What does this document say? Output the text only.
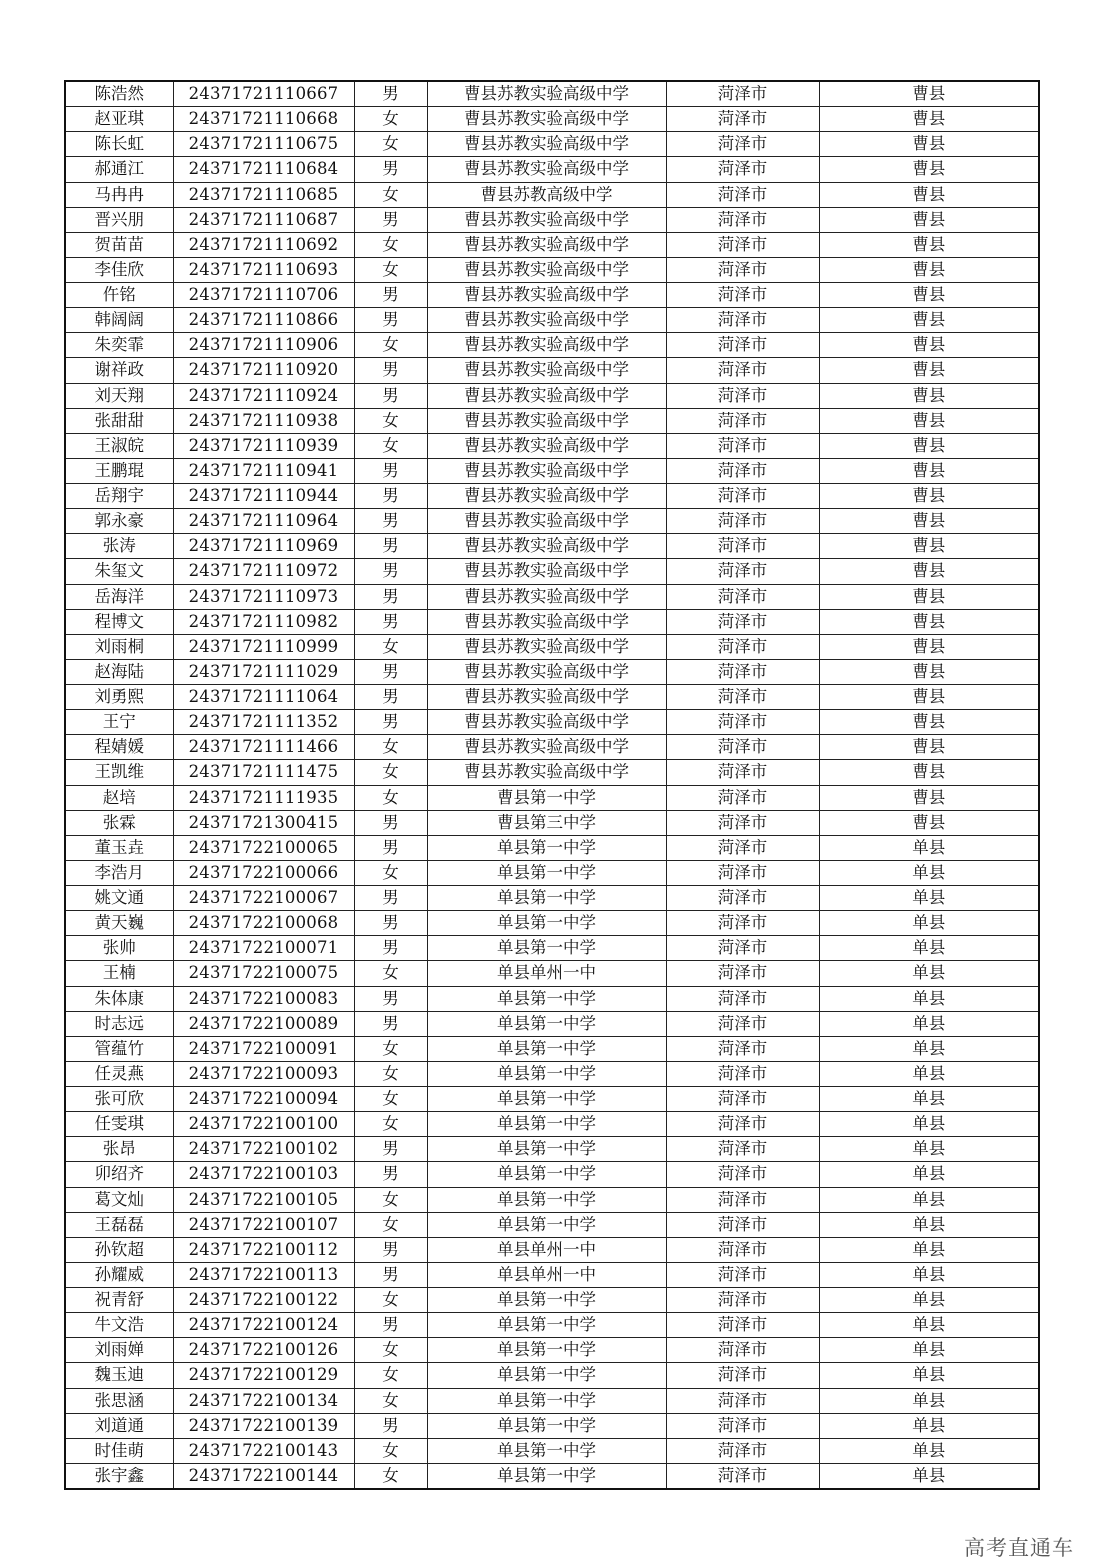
陈浩然	24371721110667	男	曹县苏教实验高级中学	菏泽市	曹县
赵亚琪	24371721110668	女	曹县苏教实验高级中学	菏泽市	曹县
陈长虹	24371721110675	女	曹县苏教实验高级中学	菏泽市	曹县
郝通江	24371721110684	男	曹县苏教实验高级中学	菏泽市	曹县
马冉冉	24371721110685	女	曹县苏教高级中学	菏泽市	曹县
晋兴朋	24371721110687	男	曹县苏教实验高级中学	菏泽市	曹县
贺苗苗	24371721110692	女	曹县苏教实验高级中学	菏泽市	曹县
李佳欣	24371721110693	女	曹县苏教实验高级中学	菏泽市	曹县
仵铭	24371721110706	男	曹县苏教实验高级中学	菏泽市	曹县
韩阔阔	24371721110866	男	曹县苏教实验高级中学	菏泽市	曹县
朱奕霏	24371721110906	女	曹县苏教实验高级中学	菏泽市	曹县
谢祥政	24371721110920	男	曹县苏教实验高级中学	菏泽市	曹县
刘天翔	24371721110924	男	曹县苏教实验高级中学	菏泽市	曹县
张甜甜	24371721110938	女	曹县苏教实验高级中学	菏泽市	曹县
王淑皖	24371721110939	女	曹县苏教实验高级中学	菏泽市	曹县
王鹏琨	24371721110941	男	曹县苏教实验高级中学	菏泽市	曹县
岳翔宇	24371721110944	男	曹县苏教实验高级中学	菏泽市	曹县
郭永豪	24371721110964	男	曹县苏教实验高级中学	菏泽市	曹县
张涛	24371721110969	男	曹县苏教实验高级中学	菏泽市	曹县
朱玺文	24371721110972	男	曹县苏教实验高级中学	菏泽市	曹县
岳海洋	24371721110973	男	曹县苏教实验高级中学	菏泽市	曹县
程博文	24371721110982	男	曹县苏教实验高级中学	菏泽市	曹县
刘雨桐	24371721110999	女	曹县苏教实验高级中学	菏泽市	曹县
赵海陆	24371721111029	男	曹县苏教实验高级中学	菏泽市	曹县
刘勇熙	24371721111064	男	曹县苏教实验高级中学	菏泽市	曹县
王宁	24371721111352	男	曹县苏教实验高级中学	菏泽市	曹县
程婧媛	24371721111466	女	曹县苏教实验高级中学	菏泽市	曹县
王凯维	24371721111475	女	曹县苏教实验高级中学	菏泽市	曹县
赵培	24371721111935	女	曹县第一中学	菏泽市	曹县
张霖	24371721300415	男	曹县第三中学	菏泽市	曹县
董玉垚	24371722100065	男	单县第一中学	菏泽市	单县
李浩月	24371722100066	女	单县第一中学	菏泽市	单县
姚文通	24371722100067	男	单县第一中学	菏泽市	单县
黄天巍	24371722100068	男	单县第一中学	菏泽市	单县
张帅	24371722100071	男	单县第一中学	菏泽市	单县
王楠	24371722100075	女	单县单州一中	菏泽市	单县
朱体康	24371722100083	男	单县第一中学	菏泽市	单县
时志远	24371722100089	男	单县第一中学	菏泽市	单县
管蕴竹	24371722100091	女	单县第一中学	菏泽市	单县
任灵燕	24371722100093	女	单县第一中学	菏泽市	单县
张可欣	24371722100094	女	单县第一中学	菏泽市	单县
任雯琪	24371722100100	女	单县第一中学	菏泽市	单县
张昂	24371722100102	男	单县第一中学	菏泽市	单县
卯绍齐	24371722100103	男	单县第一中学	菏泽市	单县
葛文灿	24371722100105	女	单县第一中学	菏泽市	单县
王磊磊	24371722100107	女	单县第一中学	菏泽市	单县
孙钦超	24371722100112	男	单县单州一中	菏泽市	单县
孙耀威	24371722100113	男	单县单州一中	菏泽市	单县
祝青舒	24371722100122	女	单县第一中学	菏泽市	单县
牛文浩	24371722100124	男	单县第一中学	菏泽市	单县
刘雨婵	24371722100126	女	单县第一中学	菏泽市	单县
魏玉迪	24371722100129	女	单县第一中学	菏泽市	单县
张思涵	24371722100134	女	单县第一中学	菏泽市	单县
刘道通	24371722100139	男	单县第一中学	菏泽市	单县
时佳萌	24371722100143	女	单县第一中学	菏泽市	单县
张宇鑫	24371722100144	女	单县第一中学	菏泽市	单县
高考直通车
